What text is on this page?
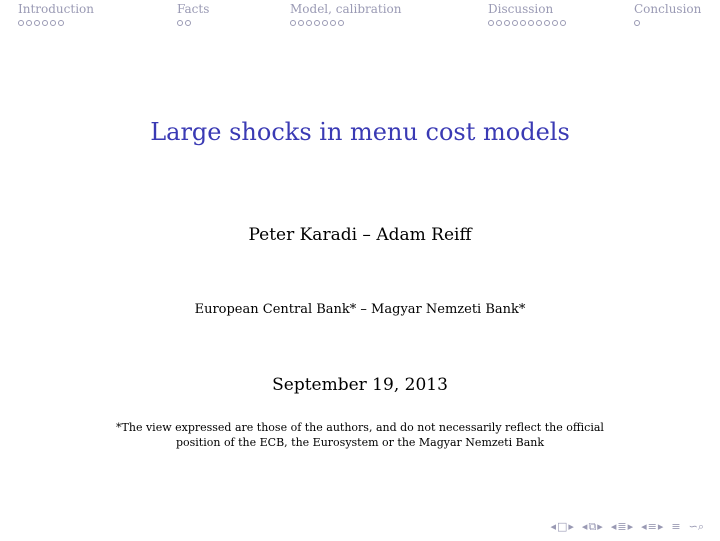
Introduction	Facts	Model, calibration	Discussion	Conclusion
Large shocks in menu cost models
Peter Karadi – Adam Reiff
European Central Bank* – Magyar Nemzeti Bank*
September 19, 2013
*The view expressed are those of the authors, and do not necessarily reflect the official
position of the ECB, the Eurosystem or the Magyar Nemzeti Bank
◂ □ ▸ ◂ ⧉ ▸ ◂ ≣ ▸ ◂ ≡ ▸ ≡ ∽⌕
